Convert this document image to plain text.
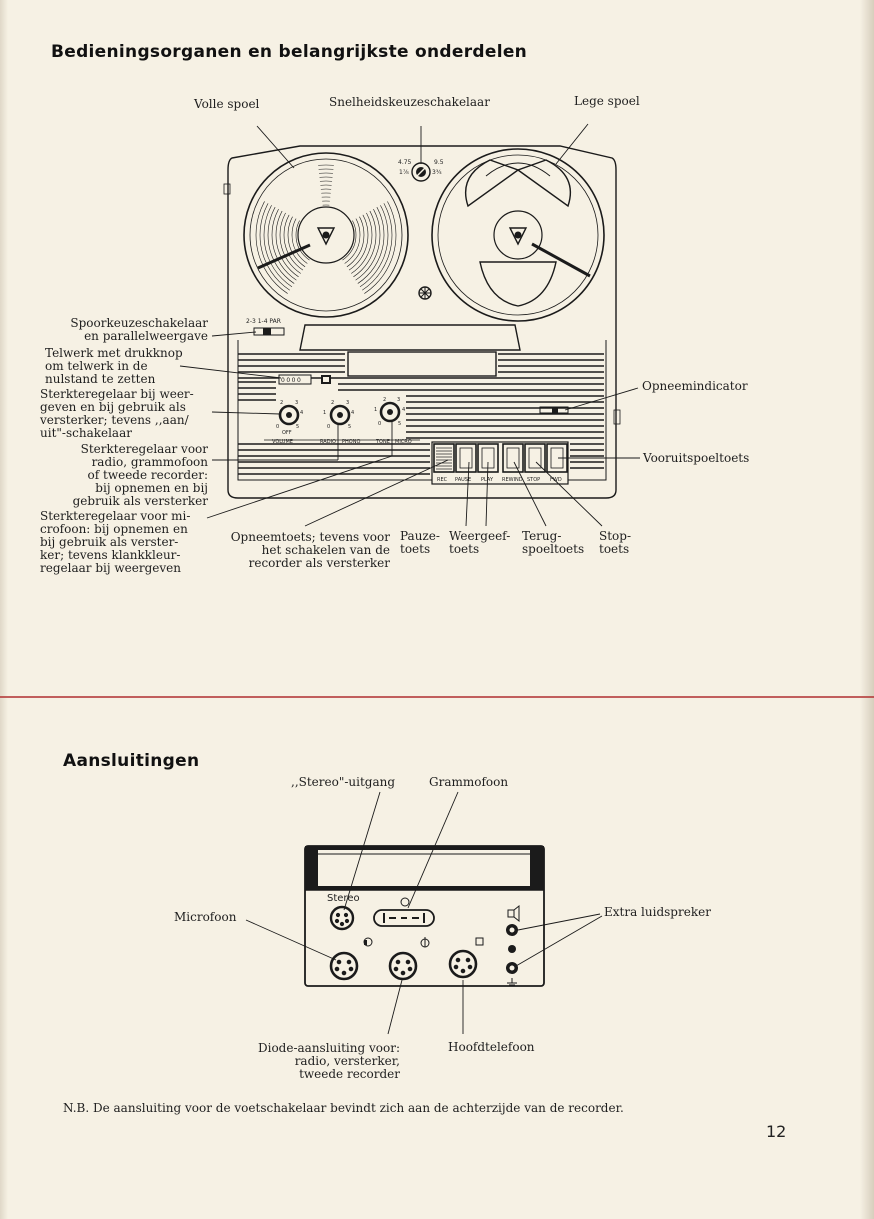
Bedieningsorganen en belangrijkste onderdelen
4.75
1⅞
9.5
3¾
2-3 1-4 PAR
0000
2 3
4
5
0
OFF
2 3
1	4
0	5
2 3
1	4
0	5
VOLUME	RADIO PHONO	TONE MICRO
REC PAUSE PLAY REWIND STOP FWD
Volle spoel	Snelheidskeuzeschakelaar	Lege spoel
Spoorkeuzeschakelaar
en parallelweergave
Telwerk met drukknop
om telwerk in de
nulstand te zetten
Sterkteregelaar bij weer-
geven en bij gebruik als
versterker; tevens ,,aan/
uit"-schakelaar
Sterkteregelaar voor
radio, grammofoon
of tweede recorder:
bij opnemen en bij
gebruik als versterker
Sterkteregelaar voor mi-
crofoon: bij opnemen en
bij gebruik als verster-
ker; tevens klankkleur-
regelaar bij weergeven
Opneemtoets; tevens voor
het schakelen van de
recorder als versterker
Pauze-
toets
Weergeef-
toets
Terug-
spoeltoets
Stop-
toets
Opneemindicator
Vooruitspoeltoets
Aansluitingen
Stereo
,,Stereo"-uitgang	Grammofoon
Microfoon	Extra luidspreker
Diode-aansluiting voor:
radio, versterker,
tweede recorder
Hoofdtelefoon
N.B. De aansluiting voor de voetschakelaar bevindt zich aan de achterzijde van de recorder.
12
